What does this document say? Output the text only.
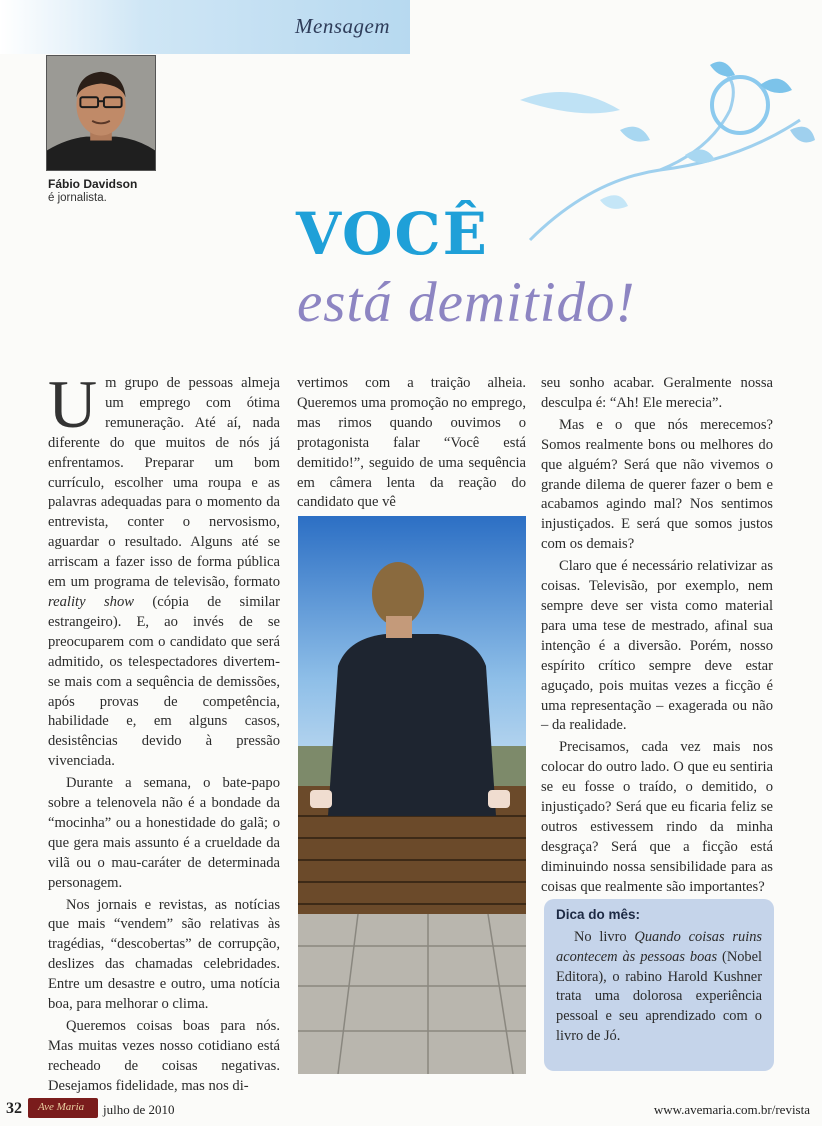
Mensagem
Fábio Davidson
é jornalista.
VOCÊ
está demitido!

Um grupo de pessoas almeja um emprego com ótima remuneração. Até aí, nada diferente do que muitos de nós já enfrentamos. Preparar um bom currículo, escolher uma roupa e as palavras adequadas para o momento da entrevista, conter o nervosismo, aguardar o resultado. Alguns até se arriscam a fazer isso de forma pública em um programa de televisão, formato reality show (cópia de similar estrangeiro). E, ao invés de se preocuparem com o candidato que será admitido, os telespectadores divertem-se mais com a sequência de demissões, após provas de competência, habilidade e, em alguns casos, desistências devido à pressão vivenciada.

Durante a semana, o bate-papo sobre a telenovela não é a bondade da “mocinha” ou a honestidade do galã; o que gera mais assunto é a crueldade da vilã ou o mau-caráter de determinada personagem.

Nos jornais e revistas, as notícias que mais “vendem” são relativas às tragédias, “descobertas” de corrupção, deslizes das chamadas celebridades. Entre um desastre e outro, uma notícia boa, para melhorar o clima.

Queremos coisas boas para nós. Mas muitas vezes nosso cotidiano está recheado de coisas negativas. Desejamos fidelidade, mas nos di-

vertimos com a traição alheia. Queremos uma promoção no emprego, mas rimos quando ouvimos o protagonista falar “Você está demitido!”, seguido de uma sequência em câmera lenta da reação do candidato que vê

seu sonho acabar. Geralmente nossa desculpa é: “Ah! Ele merecia”.

Mas e o que nós merecemos? Somos realmente bons ou melhores do que alguém? Será que não vivemos o grande dilema de querer fazer o bem e acabamos agindo mal? Nos sentimos injustiçados. E será que somos justos com os demais?

Claro que é necessário relativizar as coisas. Televisão, por exemplo, nem sempre deve ser vista como material para uma tese de mestrado, afinal sua intenção é a diversão. Porém, nosso espírito crítico sempre deve estar aguçado, pois muitas vezes a ficção é uma representação – exagerada ou não – da realidade.

Precisamos, cada vez mais nos colocar do outro lado. O que eu sentiria se eu fosse o traído, o demitido, o injustiçado? Será que eu ficaria feliz se outros estivessem rindo da minha desgraça? Será que a ficção está diminuindo nossa sensibilidade para as coisas que realmente são importantes?

Dica do mês:

No livro Quando coisas ruins acontecem às pessoas boas (Nobel Editora), o rabino Harold Kushner trata uma dolorosa experiência pessoal e seu aprendizado com o livro de Jó.

32 Ave Maria julho de 2010	www.avemaria.com.br/revista
